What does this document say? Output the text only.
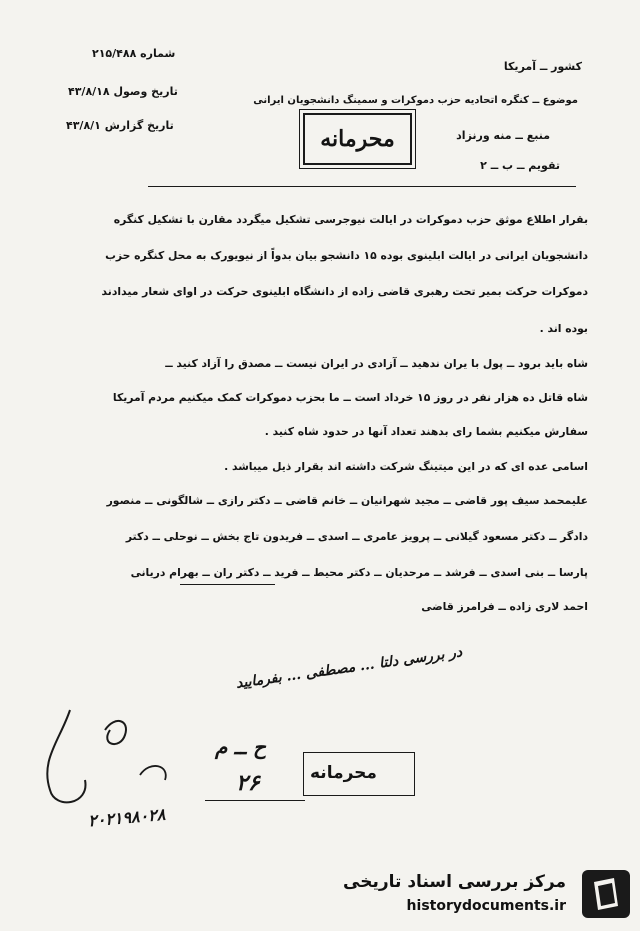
شماره ۲۱۵/۴۸۸
تاریخ وصول ۴۳/۸/۱۸
تاریخ گزارش ۴۳/۸/۱
کشور ــ آمریکا
موضوع ــ کنگره اتحادیه حزب دموکرات و سمینگ دانشجویان ایرانی
منبع ــ منه ورنزاد
تقویم ــ ب ــ ۲
محرمانه
بقرار اطلاع موثق حزب دموکرات در ایالت نیوجرسی تشکیل میگردد مقارن با تشکیل کنگره
دانشجویان ایرانی در ایالت ابلینوی بوده ۱۵ دانشجو بیان بدواً از نیویورک به محل کنگره حزب
دموکرات حرکت بمیر تحت رهبری قاضی زاده از دانشگاه ابلینوی حرکت در اوای شعار میدادند
بوده اند .
شاه باید برود ــ پول با یران ندهید ــ آزادی در ایران نیست ــ مصدق را آزاد کنید ــ
شاه قاتل ده هزار نفر در روز ۱۵ خرداد است ــ ما بحزب دموکرات کمک میکنیم مردم آمریکا
سفارش میکنیم بشما رای بدهند تعداد آنها در حدود شاه کنید .
اسامی عده ای که در این میتینگ شرکت داشته اند بقرار ذیل میباشد .
علیمحمد سیف پور قاضی ــ مجید شهرانیان ــ خانم قاضی ــ دکتر رازی ــ شالگونی ــ منصور
دادگر ــ دکتر مسعود گیلانی ــ پرویز عامری ــ اسدی ــ فریدون تاج بخش ــ نوحلی ــ دکتر
پارسا ــ بنی اسدی ــ فرشد ــ مرحدیان ــ دکتر محیط ــ فرید ــ دکتر ران ــ بهرام دریانی
احمد لاری زاده ــ فرامرز قاضی
در بررسی دلتا ... مصطفی ... بفرمایید
۲۰۲۱۹۸۰۲۸
ح ــ م
۲۶	محرمانه
مرکز بررسی اسناد تاریخی
historydocuments.ir
